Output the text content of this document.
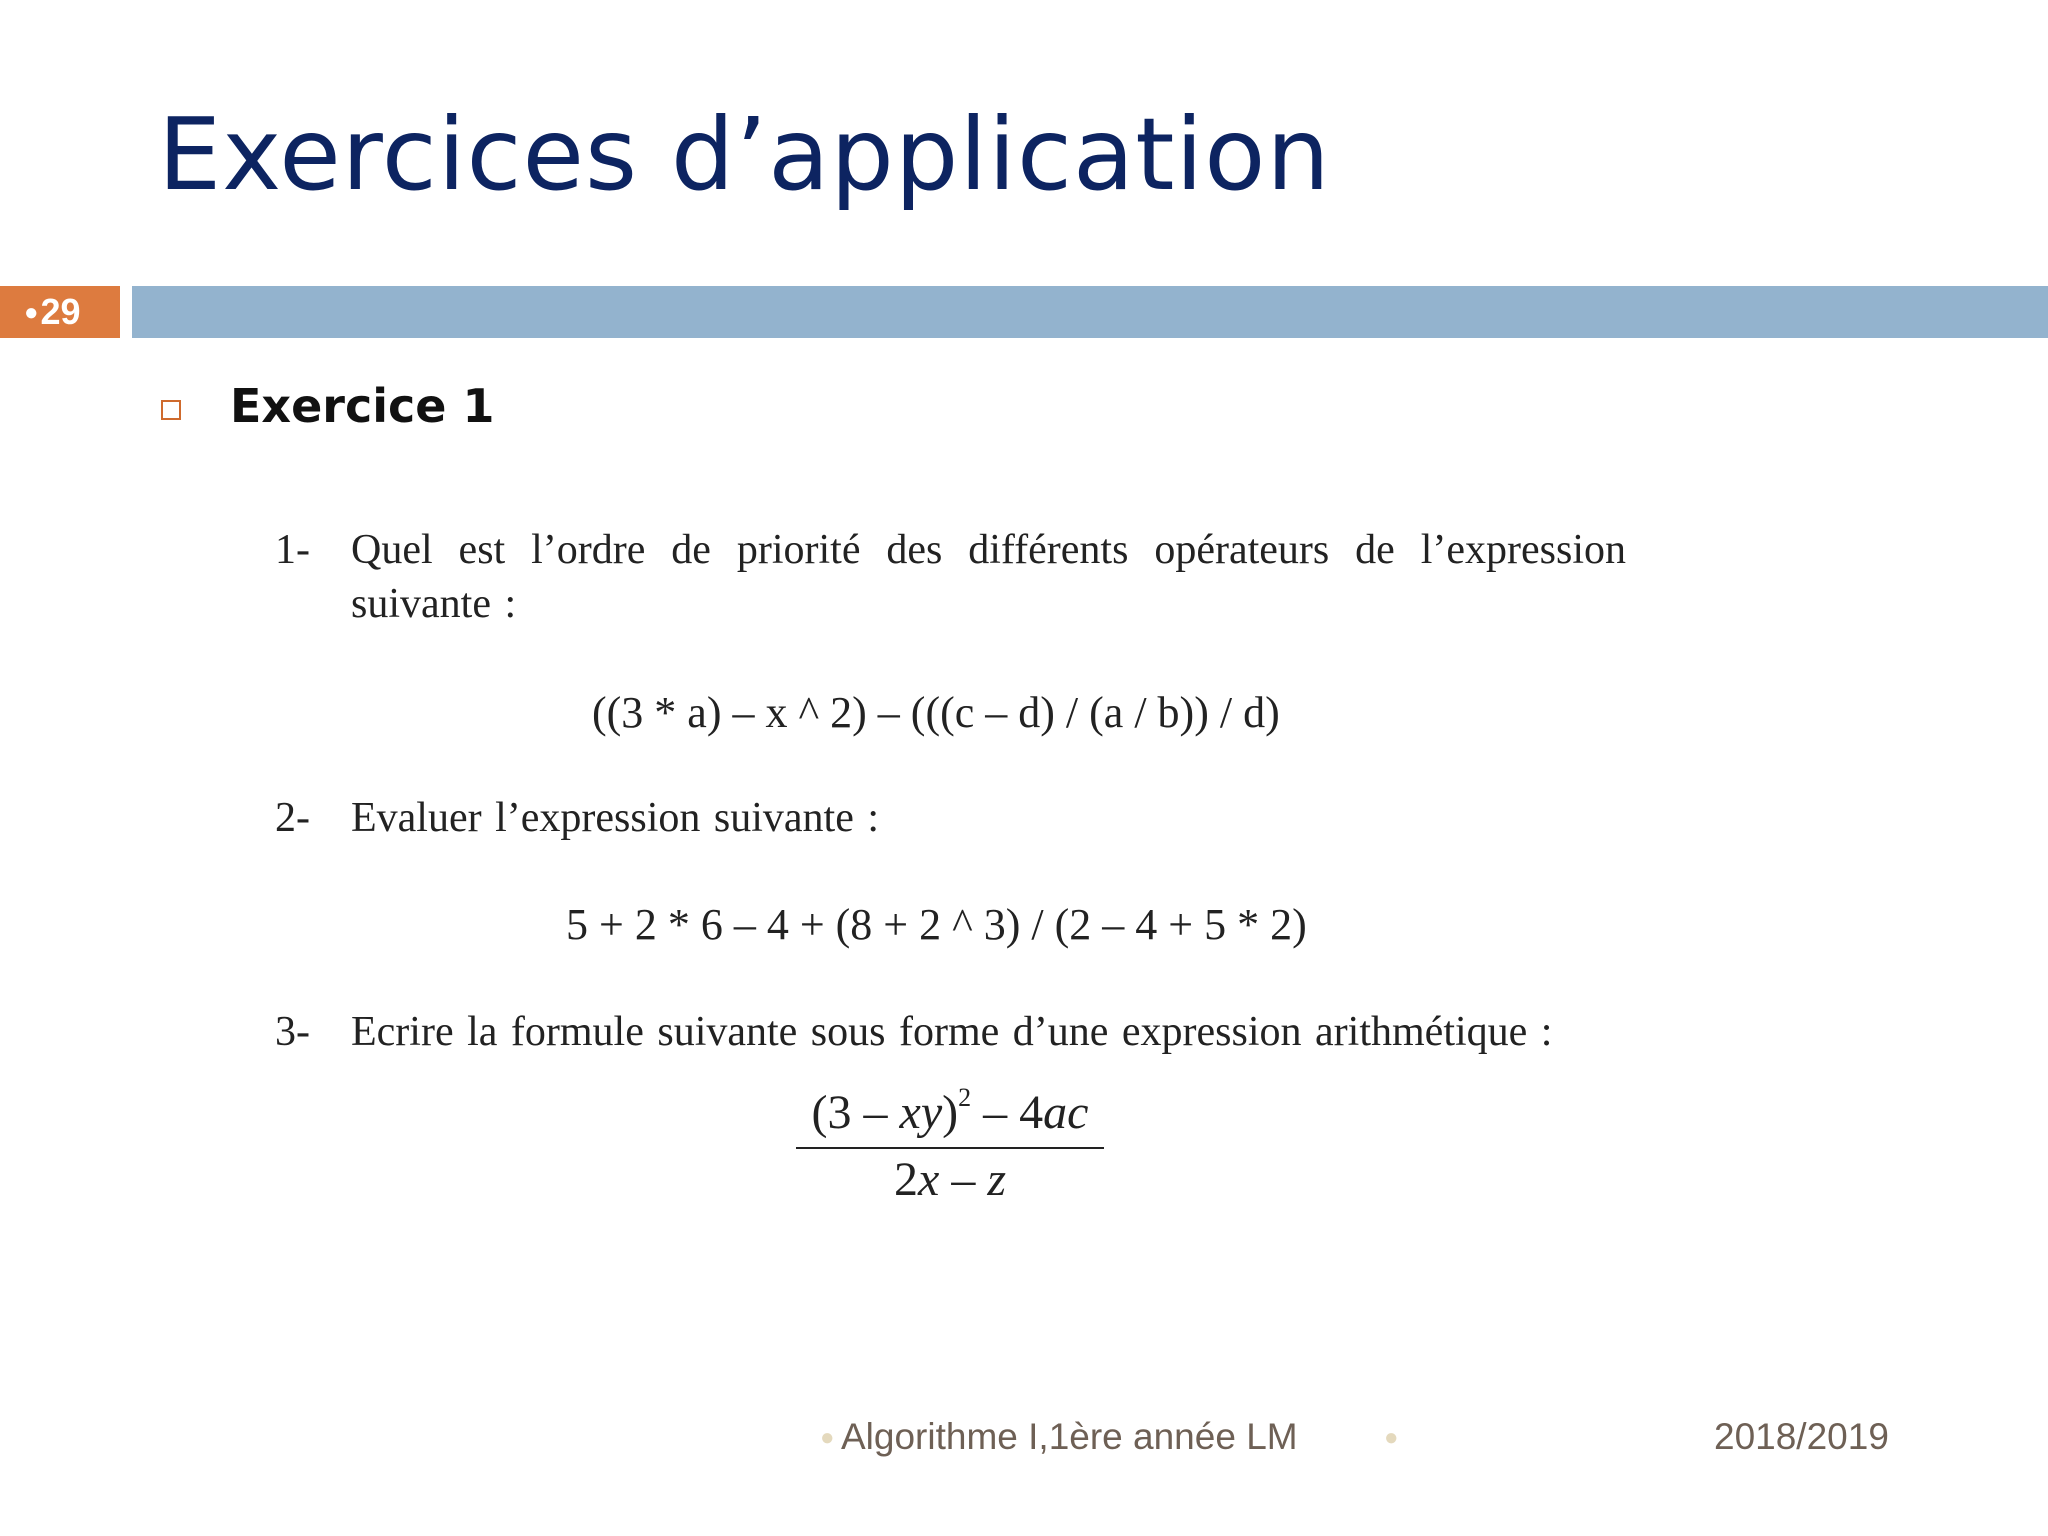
Exercices d’application
●29
Exercice 1
1- Quel est l’ordre de priorité des différents opérateurs de l’expression suivante :
((3 * a) – x ^ 2) – (((c – d) / (a / b)) / d)
2- Evaluer l’expression suivante :
5 + 2 * 6 – 4 + (8 + 2 ^ 3) / (2 – 4 + 5 * 2)
3- Ecrire la formule suivante sous forme d’une expression arithmétique :
$\frac{(3 - xy)^2 - 4ac}{2x - z}$
● Algorithme I,1ère année LM	●	2018/2019
